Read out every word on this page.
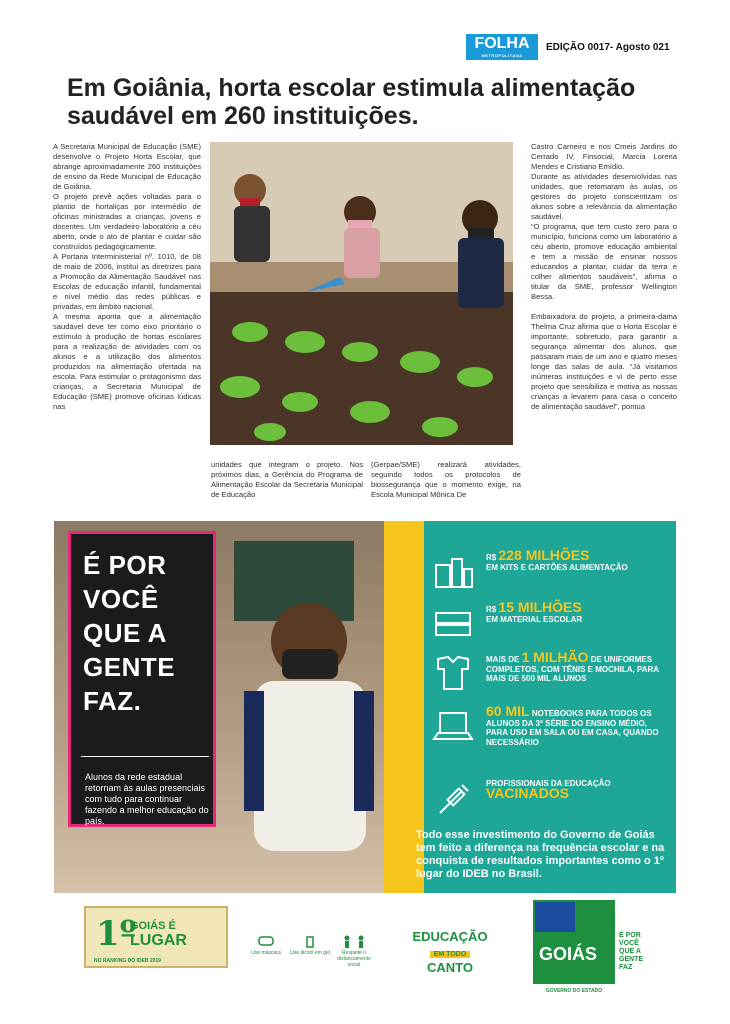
FOLHA
METROPOLITANA
EDIÇÃO 0017- Agosto 021
Em Goiânia, horta escolar estimula alimentação
saudável em 260 instituições.

A Secretaria Municipal de Educação (SME) desenvolve o Projeto Horta Escolar, que abrange aproximadamente 260 instituições de ensino da Rede Municipal de Educação de Goiânia.

O projeto prevê ações voltadas para o plantio de hortaliças por intermédio de oficinas ministradas a crianças, jovens e docentes. Um verdadeiro laboratório a céu aberto, onde o ato de plantar e cuidar são construídos pedagogicamente.

A Portaria Interministerial nº. 1010, de 08 de maio de 2006, instituí as diretrizes para a Promoção da Alimentação Saudável nas Escolas de educação infantil, fundamental e nível médio das redes públicas e privadas, em âmbito nacional.

A mesma aponta que a alimentação saudável deve ter como eixo prioritário o estímulo à produção de hortas escolares para a realização de atividades com os alunos e a utilização dos alimentos produzidos na alimentação ofertada na escola. Para estimular o protagonismo das crianças, a Secretaria Municipal de Educação (SME) promove oficinas lúdicas nas

unidades que integram o projeto. Nos próximos dias, a Gerência do Programa de Alimentação Escolar da Secretaria Municipal de Educação

(Gerpae/SME) realizará atividades, seguindo todos os protocolos de biossegurança que o momento exige, na Escola Municipal Mônica De

Castro Carneiro e nos Cmeis Jardins do Cerrado IV, Finsocial, Marcia Lorena Mendes e Cristiano Emídio.

Durante as atividades desenvolvidas nas unidades, que retomaram às aulas, os gestores do projeto conscientizam os alunos sobre a relevância da alimentação saudável.

“O programa, que tem custo zero para o município, funciona como um laboratório a céu aberto, promove educação ambiental e tem a missão de ensinar nossos educandos a plantar, cuidar da terra e colher alimentos saudáveis”, afirma o titular da SME, professor Wellington Bessa.

Embaixadora do projeto, a primeira-dama Thelma Cruz afirma que o Horta Escolar é importante, sobretudo, para garantir a segurança alimentar dos alunos, que passaram mais de um ano e quatro meses longe das salas de aula. “Já visitamos inúmeras instituições e vi de perto esse projeto que sensibiliza e motiva as nossas crianças a levarem para casa o conceito de alimentação saudável”, pontua

É POR
VOCÊ
QUE A
GENTE
FAZ.
Alunos da rede estadual retornam às aulas presenciais com tudo para continuar fazendo a melhor educação do país.
R$ 228 MILHÕES
EM KITS E CARTÕES ALIMENTAÇÃO
R$ 15 MILHÕES
EM MATERIAL ESCOLAR
MAIS DE 1 MILHÃO DE UNIFORMES COMPLETOS, COM TÊNIS E MOCHILA, PARA MAIS DE 500 MIL ALUNOS
60 MIL NOTEBOOKS PARA TODOS OS ALUNOS DA 3ª SÉRIE DO ENSINO MÉDIO, PARA USO EM SALA OU EM CASA, QUANDO NECESSÁRIO
PROFISSIONAIS DA EDUCAÇÃO
VACINADOS
Todo esse investimento do Governo de Goiás tem feito a diferença na frequência escolar e na conquista de resultados importantes como o 1º lugar do IDEB no Brasil.
1º
GOIÁS É
LUGAR
NO RANKING DO IDEB 2019
Use máscara	Use álcool em gel	Respeite o distanciamento social
EDUCAÇÃO
EM TODO
CANTO
GOIÁS
GOVERNO DO ESTADO
É POR
VOCÊ
QUE A
GENTE
FAZ
